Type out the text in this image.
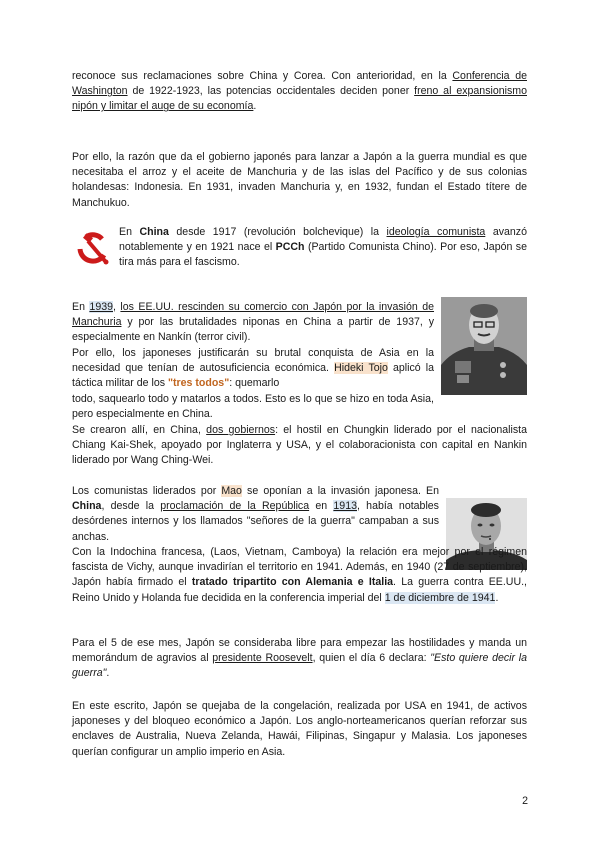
reconoce sus reclamaciones sobre China y Corea. Con anterioridad, en la Conferencia de Washington de 1922-1923, las potencias occidentales deciden poner freno al expansionismo nipón y limitar el auge de su economía.

Por ello, la razón que da el gobierno japonés para lanzar a Japón a la guerra mundial es que necesitaba el arroz y el aceite de Manchuria y de las islas del Pacífico y de sus colonias holandesas: Indonesia. En 1931, invaden Manchuria y, en 1932, fundan el Estado títere de Manchukuo.

En China desde 1917 (revolución bolchevique) la ideología comunista avanzó notablemente y en 1921 nace el PCCh (Partido Comunista Chino). Por eso, Japón se tira más para el fascismo.

En 1939, los EE.UU. rescinden su comercio con Japón por la invasión de Manchuria y por las brutalidades niponas en China a partir de 1937, y especialmente en Nankín (terror civil).

Por ello, los japoneses justificarán su brutal conquista de Asia en la necesidad que tenían de autosuficiencia económica. Hideki Tojo aplicó la táctica militar de los "tres todos": quemarlo

todo, saquearlo todo y matarlos a todos. Esto es lo que se hizo en toda Asia, pero especialmente en China.

Se crearon allí, en China, dos gobiernos: el hostil en Chungkin liderado por el nacionalista Chiang Kai-Shek, apoyado por Inglaterra y USA, y el colaboracionista con capital en Nankin liderado por Wang Ching-Wei.

Los comunistas liderados por Mao se oponían a la invasión japonesa. En China, desde la proclamación de la República en 1913, había notables desórdenes internos y los llamados "señores de la guerra" campaban a sus anchas.

Con la Indochina francesa, (Laos, Vietnam, Camboya) la relación era mejor por el régimen fascista de Vichy, aunque invadirían el territorio en 1941. Además, en 1940 (27 de septiembre), Japón había firmado el tratado tripartito con Alemania e Italia. La guerra contra EE.UU., Reino Unido y Holanda fue decidida en la conferencia imperial del 1 de diciembre de 1941.

Para el 5 de ese mes, Japón se consideraba libre para empezar las hostilidades y manda un memorándum de agravios al presidente Roosevelt, quien el día 6 declara: "Esto quiere decir la guerra".

En este escrito, Japón se quejaba de la congelación, realizada por USA en 1941, de activos japoneses y del bloqueo económico a Japón. Los anglo-norteamericanos querían reforzar sus enclaves de Australia, Nueva Zelanda, Hawái, Filipinas, Singapur y Malasia. Los japoneses querían configurar un amplio imperio en Asia.

2
